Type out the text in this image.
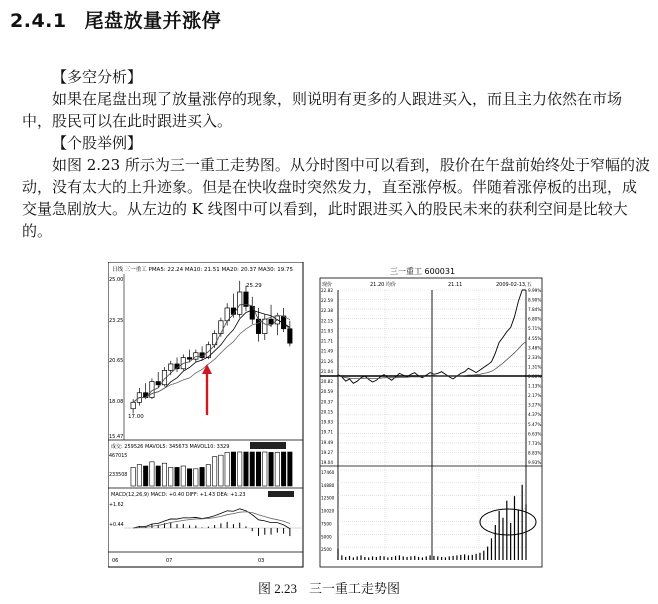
2.4.1 尾盘放量并涨停
【多空分析】
如果在尾盘出现了放量涨停的现象，则说明有更多的人跟进买入，而且主力依然在市场中，股民可以在此时跟进买入。
【个股举例】
如图 2.23 所示为三一重工走势图。从分时图中可以看到，股价在午盘前始终处于窄幅的波动，没有太大的上升迹象。但是在快收盘时突然发力，直至涨停板。伴随着涨停板的出现，成交量急剧放大。从左边的 K 线图中可以看到，此时跟进买入的股民未来的获利空间是比较大的。
日线 三一重工 PMA5: 22.24 MA10: 21.51 MA20: 20.37 MA30: 19.75
25.00
23.25
20.65
18.08
15.47
25.29
17.00
成交: 259526 MAVOL5: 345673 MAVOL10: 3329
467015
233508
MACD(12,26,9) MACD: +0.40 DIFF: +1.43 DEA: +1.23
+1.62
+0.44
06	07	03
三一重工 600031
现价	21.20 均价	21.11	2009-02-13,五
22.82
22.59
22.38
22.15
21.93
21.71
21.49
21.26
21.04
20.82
20.59
20.37
20.15
19.93
19.71
19.49
19.27
19.04
9.99%
8.90%
7.84%
6.80%
5.71%
4.55%
3.48%
2.33%
1.31%
0.00%
1.13%
2.17%
3.27%
4.37%
5.47%
6.63%
7.73%
8.83%
9.93%
17460
14880
12500
10020
7500
5000
2500
图 2.23 三一重工走势图
